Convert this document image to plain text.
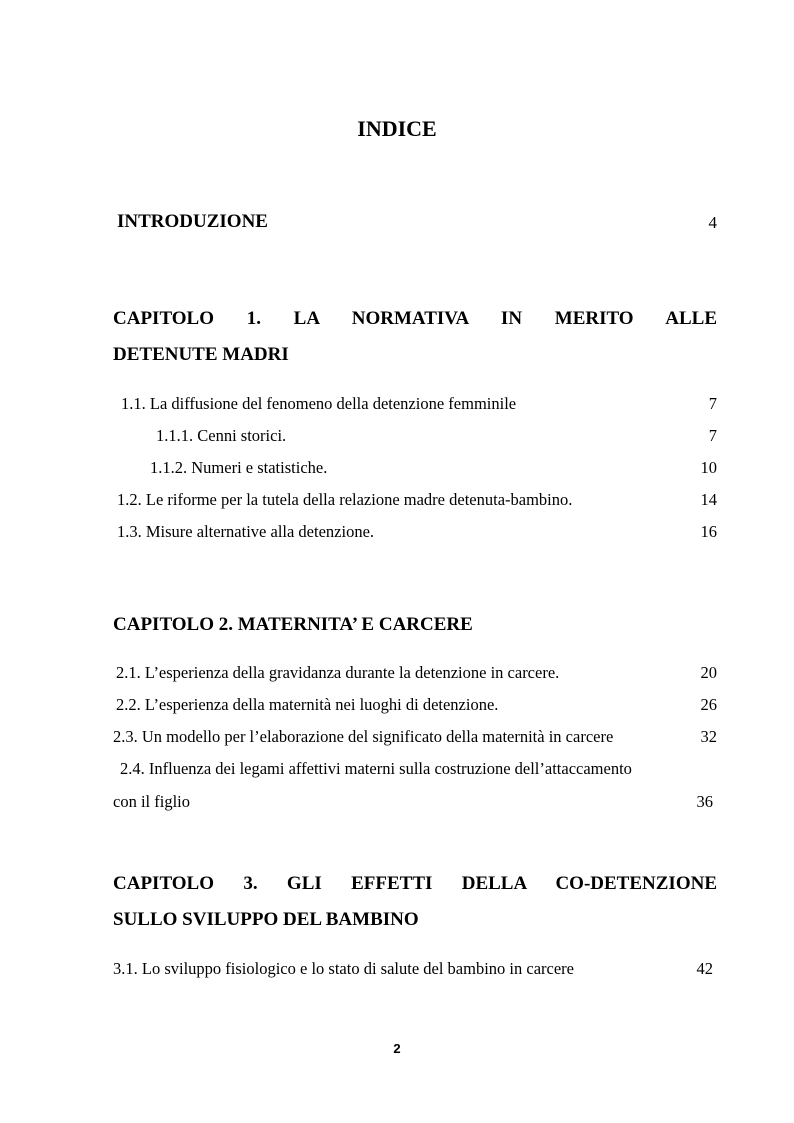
INDICE
INTRODUZIONE	4
CAPITOLO 1. LA NORMATIVA IN MERITO ALLE
DETENUTE MADRI
1.1. La diffusione del fenomeno della detenzione femminile	7
1.1.1. Cenni storici.	7
1.1.2. Numeri e statistiche.	10
1.2. Le riforme per la tutela della relazione madre detenuta-bambino.	14
1.3. Misure alternative alla detenzione.	16
CAPITOLO 2. MATERNITA’ E CARCERE
2.1. L’esperienza della gravidanza durante la detenzione in carcere.	20
2.2. L’esperienza della maternità nei luoghi di detenzione.	26
2.3. Un modello per l’elaborazione del significato della maternità in carcere	32
2.4. Influenza dei legami affettivi materni sulla costruzione dell’attaccamento
con il figlio	36
CAPITOLO 3. GLI EFFETTI DELLA CO-DETENZIONE
SULLO SVILUPPO DEL BAMBINO
3.1. Lo sviluppo fisiologico e lo stato di salute del bambino in carcere	42
2
